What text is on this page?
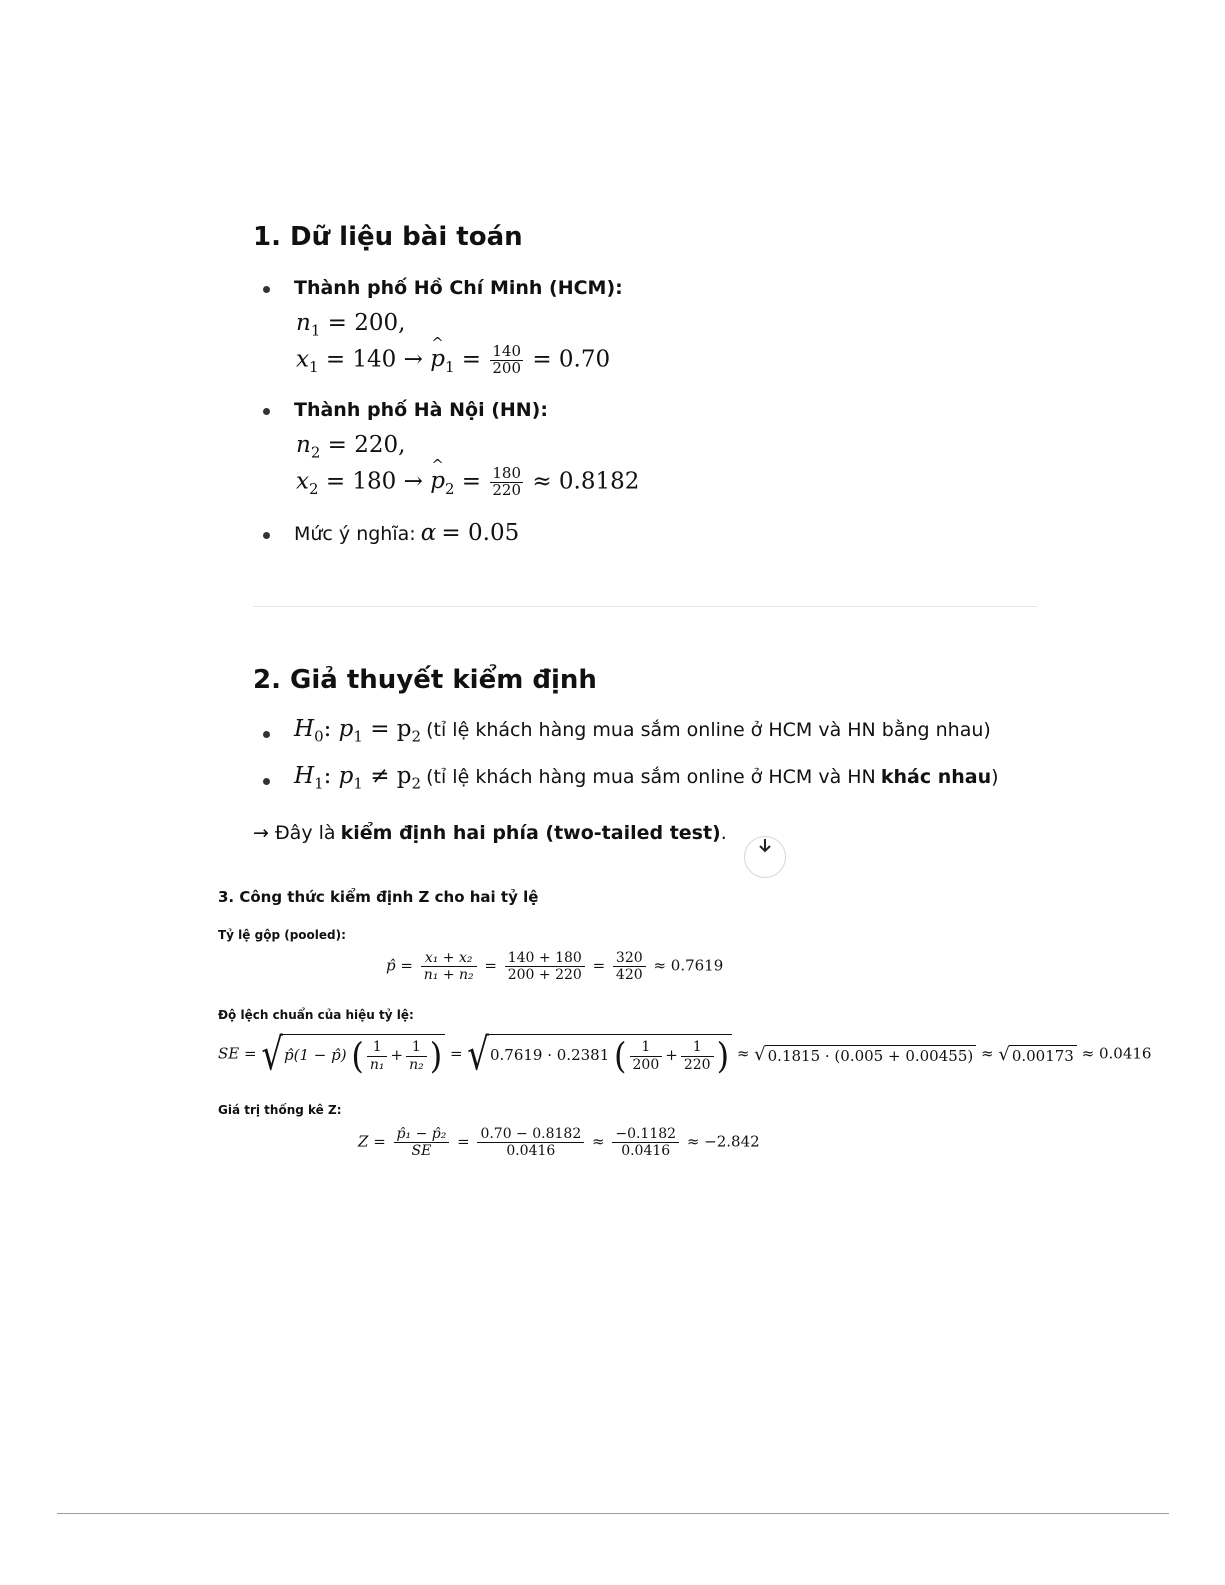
1. Dữ liệu bài toán
Thành phố Hồ Chí Minh (HCM):
$n_1 = 200$,
$x_1 = 140$ → ^ $p_1 = \frac{140}{200} = 0.70$
Thành phố Hà Nội (HN):
$n_2 = 220$,
$x_2 = 180$ → ^ $p_2 = \frac{180}{220} \approx 0.8182$
Mức ý nghĩa: α = 0.05
2. Giả thuyết kiểm định
$H_0$: $p_1 = p_2$ (tỉ lệ khách hàng mua sắm online ở HCM và HN bằng nhau)
$H_1$: $p_1 \ne p_2$ (tỉ lệ khách hàng mua sắm online ở HCM và HN khác nhau)
→ Đây là kiểm định hai phía (two-tailed test).
3. Công thức kiểm định Z cho hai tỷ lệ
Tỷ lệ gộp (pooled):
p̂ = $\frac{\text{x₁ + x₂}}{\text{n₁ + n₂}} = \frac{140 + 180}{200 + 220} = \frac{320}{420} \approx 0.7619$
Độ lệch chuẩn của hiệu tỷ lệ:
SE = √p̂(1 − p̂) ( $\frac{1}{\text{n₁}} + \frac{1}{\text{n₂}}$ ) = √0.7619 · 0.2381 ( $\frac{1}{200} + \frac{1}{220}$ ) ≈ √ 0.1815 · (0.005 + 0.00455) ≈ √ 0.00173 ≈ 0.0416
Giá trị thống kê Z:
$Z = \frac{\text{p̂₁ − p̂₂}}{SE} = \frac{0.70 - 0.8182}{0.0416} \approx \frac{-0.1182}{0.0416} \approx -2.842$
